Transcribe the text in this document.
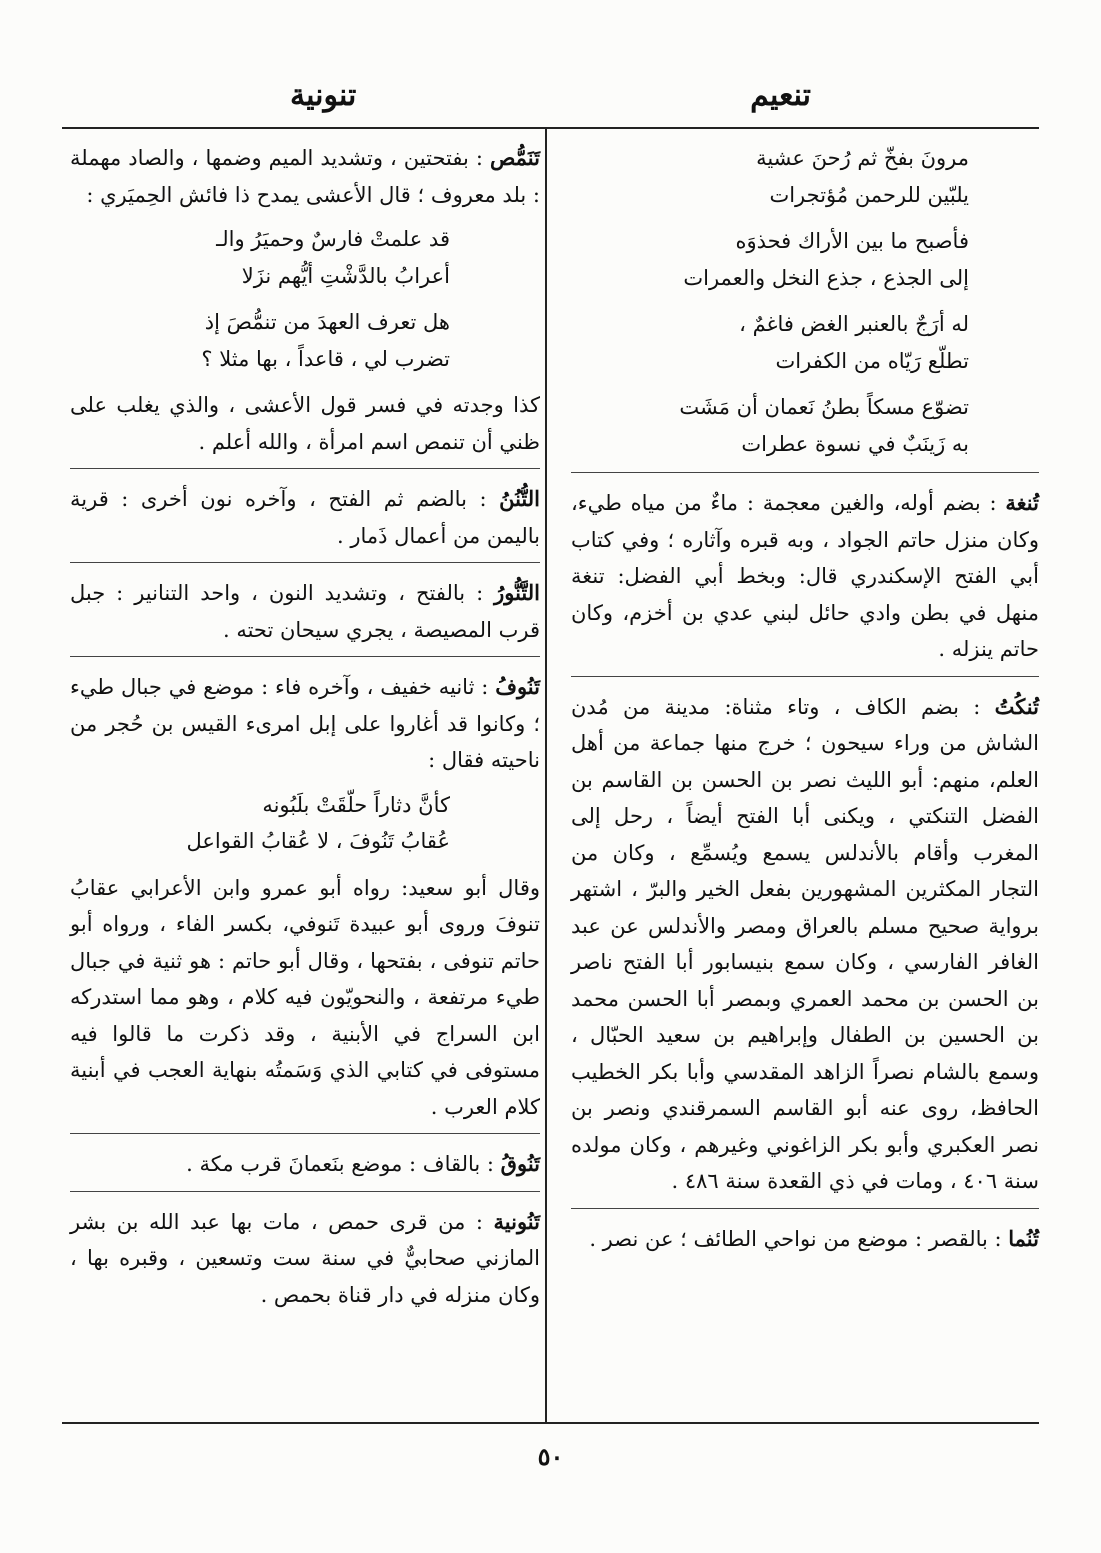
تنعيم
تنونية
مرونَ بفخّ ثم رُحنَ عشية
يلبّين للرحمن مُؤتجرات
فأصبح ما بين الأراك فحذوَه
إلى الجذع ، جذع النخل والعمرات
له أرَجٌ بالعنبر الغض فاغمٌ ،
تطلّع رَيّاه من الكفرات
تضوّع مسكاً بطنُ نَعمان أن مَشَت
به زَينَبٌ في نسوة عطرات

تُنغة : بضم أوله، والغين معجمة : ماءٌ من مياه طيء، وكان منزل حاتم الجواد ، وبه قبره وآثاره ؛ وفي كتاب أبي الفتح الإسكندري قال: وبخط أبي الفضل: تنغة منهل في بطن وادي حائل لبني عدي بن أخزم، وكان حاتم ينزله .

تُنكُتُ : بضم الكاف ، وتاء مثناة: مدينة من مُدن الشاش من وراء سيحون ؛ خرج منها جماعة من أهل العلم، منهم: أبو الليث نصر بن الحسن بن القاسم بن الفضل التنكتي ، ويكنى أبا الفتح أيضاً ، رحل إلى المغرب وأقام بالأندلس يسمع ويُسمِّع ، وكان من التجار المكثرين المشهورين بفعل الخير والبرّ ، اشتهر برواية صحيح مسلم بالعراق ومصر والأندلس عن عبد الغافر الفارسي ، وكان سمع بنيسابور أبا الفتح ناصر بن الحسن بن محمد العمري وبمصر أبا الحسن محمد بن الحسين بن الطفال وإبراهيم بن سعيد الحبّال ، وسمع بالشام نصراً الزاهد المقدسي وأبا بكر الخطيب الحافظ، روى عنه أبو القاسم السمرقندي ونصر بن نصر العكبري وأبو بكر الزاغوني وغيرهم ، وكان مولده سنة ٤٠٦ ، ومات في ذي القعدة سنة ٤٨٦ .

تُنُما : بالقصر : موضع من نواحي الطائف ؛ عن نصر .

تَنَمُّص : بفتحتين ، وتشديد الميم وضمها ، والصاد مهملة : بلد معروف ؛ قال الأعشى يمدح ذا فائش الحِميَري :

قد علمتْ فارسٌ وحميَرُ والـ
أعرابُ بالدَّشْتِ أيُّهم نزَلا
هل تعرف العهدَ من تنمُّصَ إذ
تضرب لي ، قاعداً ، بها مثلا ؟

كذا وجدته في فسر قول الأعشى ، والذي يغلب على ظني أن تنمص اسم امرأة ، والله أعلم .

التُّنُنُ : بالضم ثم الفتح ، وآخره نون أخرى : قرية باليمن من أعمال ذَمار .

التَّنُّورُ : بالفتح ، وتشديد النون ، واحد التنانير : جبل قرب المصيصة ، يجري سيحان تحته .

تَنُوفُ : ثانيه خفيف ، وآخره فاء : موضع في جبال طيء ؛ وكانوا قد أغاروا على إبل امرىء القيس بن حُجر من ناحيته فقال :

كأنَّ دثاراً حلّقَتْ بلَبُونه
عُقابُ تَنُوفَ ، لا عُقابُ القواعل

وقال أبو سعيد: رواه أبو عمرو وابن الأعرابي عقابُ تنوفَ وروى أبو عبيدة تَنوفي، بكسر الفاء ، ورواه أبو حاتم تنوفى ، بفتحها ، وقال أبو حاتم : هو ثنية في جبال طيء مرتفعة ، والنحويّون فيه كلام ، وهو مما استدركه ابن السراج في الأبنية ، وقد ذكرت ما قالوا فيه مستوفى في كتابي الذي وَسَمتُه بنهاية العجب في أبنية كلام العرب .

تَنُوقُ : بالقاف : موضع بنَعمانَ قرب مكة .

تَنُونية : من قرى حمص ، مات بها عبد الله بن بشر المازني صحابيٌّ في سنة ست وتسعين ، وقبره بها ، وكان منزله في دار قناة بحمص .

٥٠
